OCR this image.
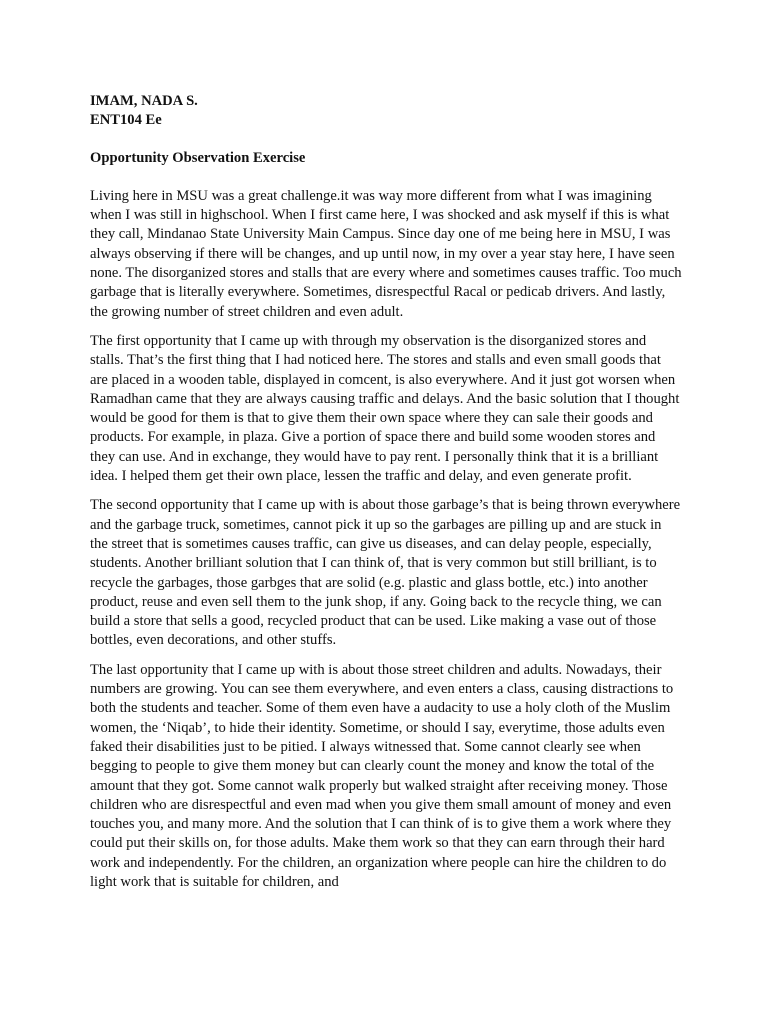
IMAM, NADA S.

ENT104 Ee

Opportunity Observation Exercise

Living here in MSU was a great challenge.it was way more different from what I was imagining when I was still in highschool. When I first came here, I was shocked and ask myself if this is what they call, Mindanao State University Main Campus. Since day one of me being here in MSU, I was always observing if there will be changes, and up until now, in my over a year stay here, I have seen none. The disorganized stores and stalls that are every where and sometimes causes traffic. Too much garbage that is literally everywhere. Sometimes, disrespectful Racal or pedicab drivers. And lastly, the growing number of street children and even adult.

The first opportunity that I came up with through my observation is the disorganized stores and stalls. That’s the first thing that I had noticed here. The stores and stalls and even small goods that are placed in a wooden table, displayed in comcent, is also everywhere. And it just got worsen when Ramadhan came that they are always causing traffic and delays. And the basic solution that I thought would be good for them is that to give them their own space where they can sale their goods and products. For example, in plaza. Give a portion of space there and build some wooden stores and they can use. And in exchange, they would have to pay rent. I personally think that it is a brilliant idea. I helped them get their own place, lessen the traffic and delay, and even generate profit.

The second opportunity that I came up with is about those garbage’s that is being thrown everywhere and the garbage truck, sometimes, cannot pick it up so the garbages are pilling up and are stuck in the street that is sometimes causes traffic, can give us diseases, and can delay people, especially, students. Another brilliant solution that I can think of, that is very common but still brilliant, is to recycle the garbages, those garbges that are solid (e.g. plastic and glass bottle, etc.) into another product, reuse and even sell them to the junk shop, if any. Going back to the recycle thing, we can build a store that sells a good, recycled product that can be used. Like making a vase out of those bottles, even decorations, and other stuffs.

The last opportunity that I came up with is about those street children and adults. Nowadays, their numbers are growing. You can see them everywhere, and even enters a class, causing distractions to both the students and teacher. Some of them even have a audacity to use a holy cloth of the Muslim women, the ‘Niqab’, to hide their identity. Sometime, or should I say, everytime, those adults even faked their disabilities just to be pitied. I always witnessed that. Some cannot clearly see when begging to people to give them money but can clearly count the money and know the total of the amount that they got. Some cannot walk properly but walked straight after receiving money. Those children who are disrespectful and even mad when you give them small amount of money and even touches you, and many more. And the solution that I can think of is to give them a work where they could put their skills on, for those adults. Make them work so that they can earn through their hard work and independently. For the children, an organization where people can hire the children to do light work that is suitable for children, and
